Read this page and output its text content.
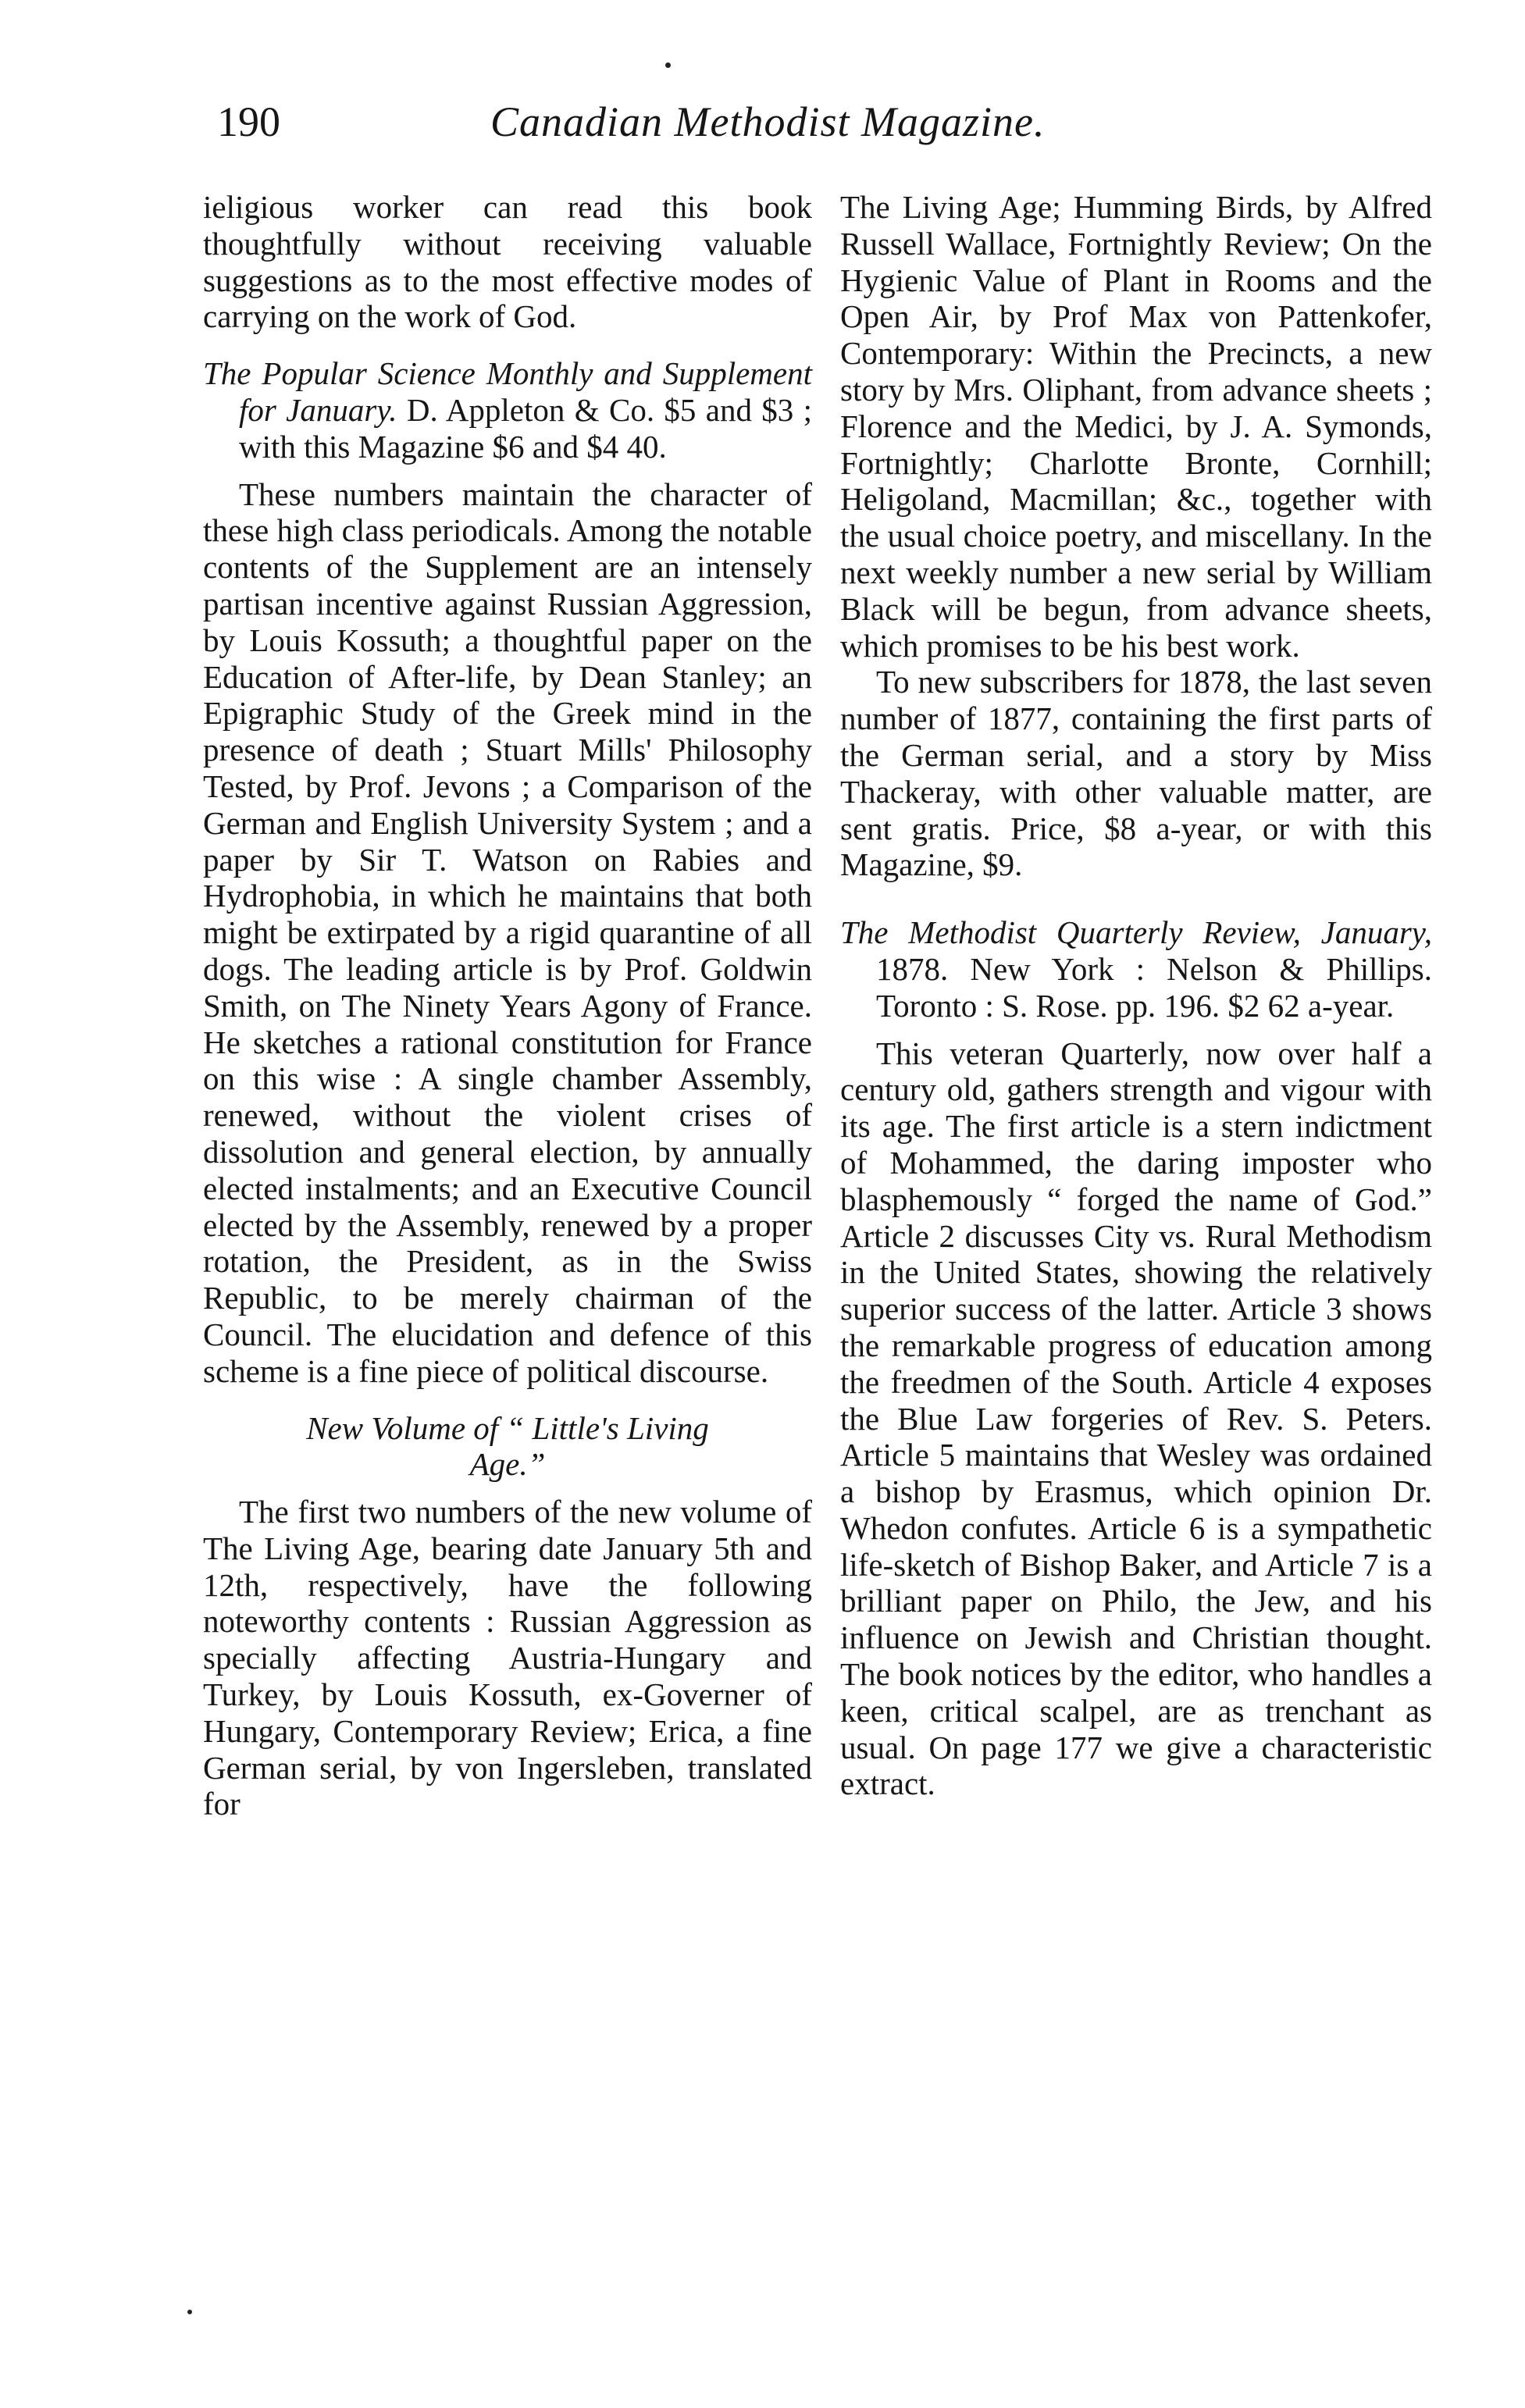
190	Canadian Methodist Magazine.

ieligious worker can read this book thoughtfully without receiving valuable suggestions as to the most effective modes of carrying on the work of God.

The Popular Science Monthly and Supplement for January. D. Appleton & Co. $5 and $3 ; with this Magazine $6 and $4 40.

These numbers maintain the character of these high class periodicals. Among the notable contents of the Supplement are an intensely partisan incentive against Russian Aggression, by Louis Kossuth; a thoughtful paper on the Education of After-life, by Dean Stanley; an Epigraphic Study of the Greek mind in the presence of death ; Stuart Mills' Philosophy Tested, by Prof. Jevons ; a Comparison of the German and English University System ; and a paper by Sir T. Watson on Rabies and Hydrophobia, in which he maintains that both might be extirpated by a rigid quarantine of all dogs. The leading article is by Prof. Goldwin Smith, on The Ninety Years Agony of France. He sketches a rational constitution for France on this wise : A single chamber Assembly, renewed, without the violent crises of dissolution and general election, by annually elected instalments; and an Executive Council elected by the Assembly, renewed by a proper rotation, the President, as in the Swiss Republic, to be merely chairman of the Council. The elucidation and defence of this scheme is a fine piece of political discourse.

New Volume of “ Little's Living
Age.”

The first two numbers of the new volume of The Living Age, bearing date January 5th and 12th, respectively, have the following noteworthy contents : Russian Aggression as specially affecting Austria-Hungary and Turkey, by Louis Kossuth, ex-Governer of Hungary, Contemporary Review; Erica, a fine German serial, by von Ingersleben, translated for

The Living Age; Humming Birds, by Alfred Russell Wallace, Fortnightly Review; On the Hygienic Value of Plant in Rooms and the Open Air, by Prof Max von Pattenkofer, Contemporary: Within the Precincts, a new story by Mrs. Oliphant, from advance sheets ; Florence and the Medici, by J. A. Symonds, Fortnightly; Charlotte Bronte, Cornhill; Heligoland, Macmillan; &c., together with the usual choice poetry, and miscellany. In the next weekly number a new serial by William Black will be begun, from advance sheets, which promises to be his best work.

To new subscribers for 1878, the last seven number of 1877, containing the first parts of the German serial, and a story by Miss Thackeray, with other valuable matter, are sent gratis. Price, $8 a-year, or with this Magazine, $9.

The Methodist Quarterly Review, January, 1878. New York : Nelson & Phillips. Toronto : S. Rose. pp. 196. $2 62 a-year.

This veteran Quarterly, now over half a century old, gathers strength and vigour with its age. The first article is a stern indictment of Mohammed, the daring imposter who blasphemously “ forged the name of God.” Article 2 discusses City vs. Rural Methodism in the United States, showing the relatively superior success of the latter. Article 3 shows the remarkable progress of education among the freedmen of the South. Article 4 exposes the Blue Law forgeries of Rev. S. Peters. Article 5 maintains that Wesley was ordained a bishop by Erasmus, which opinion Dr. Whedon confutes. Article 6 is a sympathetic life-sketch of Bishop Baker, and Article 7 is a brilliant paper on Philo, the Jew, and his influence on Jewish and Christian thought. The book notices by the editor, who handles a keen, critical scalpel, are as trenchant as usual. On page 177 we give a characteristic extract.
